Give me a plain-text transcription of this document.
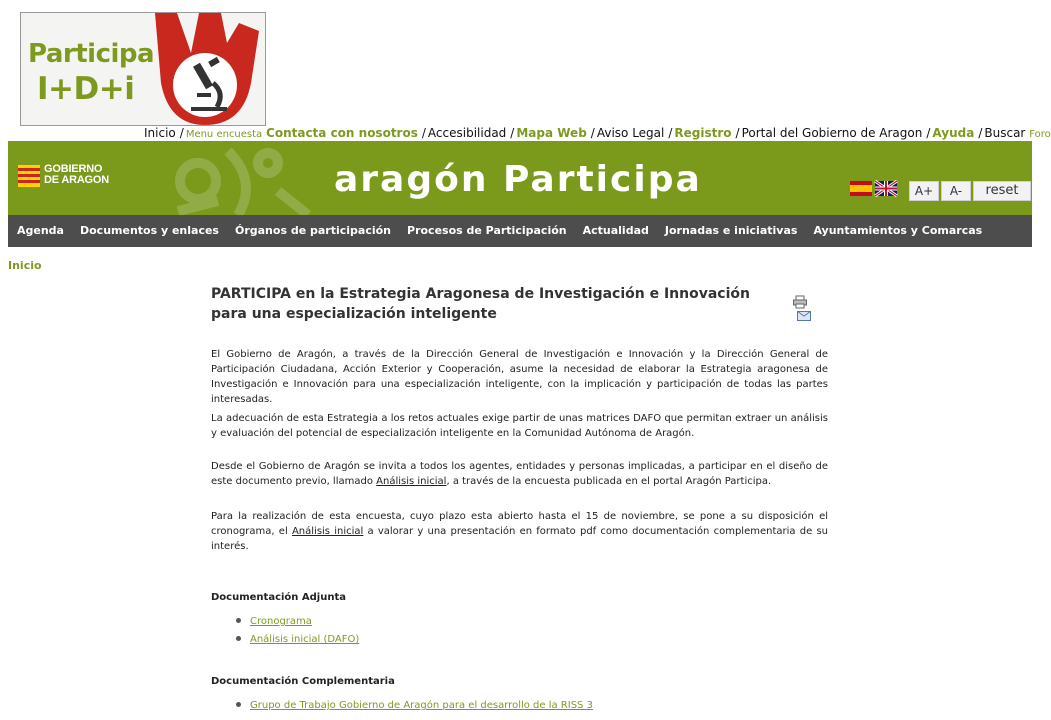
Participa
I+D+i
Inicio / Menu encuesta Contacta con nosotros / Accesibilidad / Mapa Web / Aviso Legal / Registro / Portal del Gobierno de Aragon / Ayuda / Buscar Foro
GOBIERNO
DE ARAGON	aragón Participa	A+	A-	reset
Agenda	Documentos y enlaces	Órganos de participación	Procesos de Participación	Actualidad	Jornadas e iniciativas	Ayuntamientos y Comarcas
Inicio
PARTICIPA en la Estrategia Aragonesa de Investigación e Innovación para una especialización inteligente

El Gobierno de Aragón, a través de la Dirección General de Investigación e Innovación y la Dirección General de Participación Ciudadana, Acción Exterior y Cooperación, asume la necesidad de elaborar la Estrategia aragonesa de Investigación e Innovación para una especialización inteligente, con la implicación y participación de todas las partes interesadas.

La adecuación de esta Estrategia a los retos actuales exige partir de unas matrices DAFO que permitan extraer un análisis y evaluación del potencial de especialización inteligente en la Comunidad Autónoma de Aragón.

Desde el Gobierno de Aragón se invita a todos los agentes, entidades y personas implicadas, a participar en el diseño de este documento previo, llamado Análisis inicial, a través de la encuesta publicada en el portal Aragón Participa.

Para la realización de esta encuesta, cuyo plazo esta abierto hasta el 15 de noviembre, se pone a su disposición el cronograma, el Análisis inicial a valorar y una presentación en formato pdf como documentación complementaria de su interés.

Documentación Adjunta

Cronograma

Análisis inicial (DAFO)

Documentación Complementaria

Grupo de Trabajo Gobierno de Aragón para el desarrollo de la RISS 3
